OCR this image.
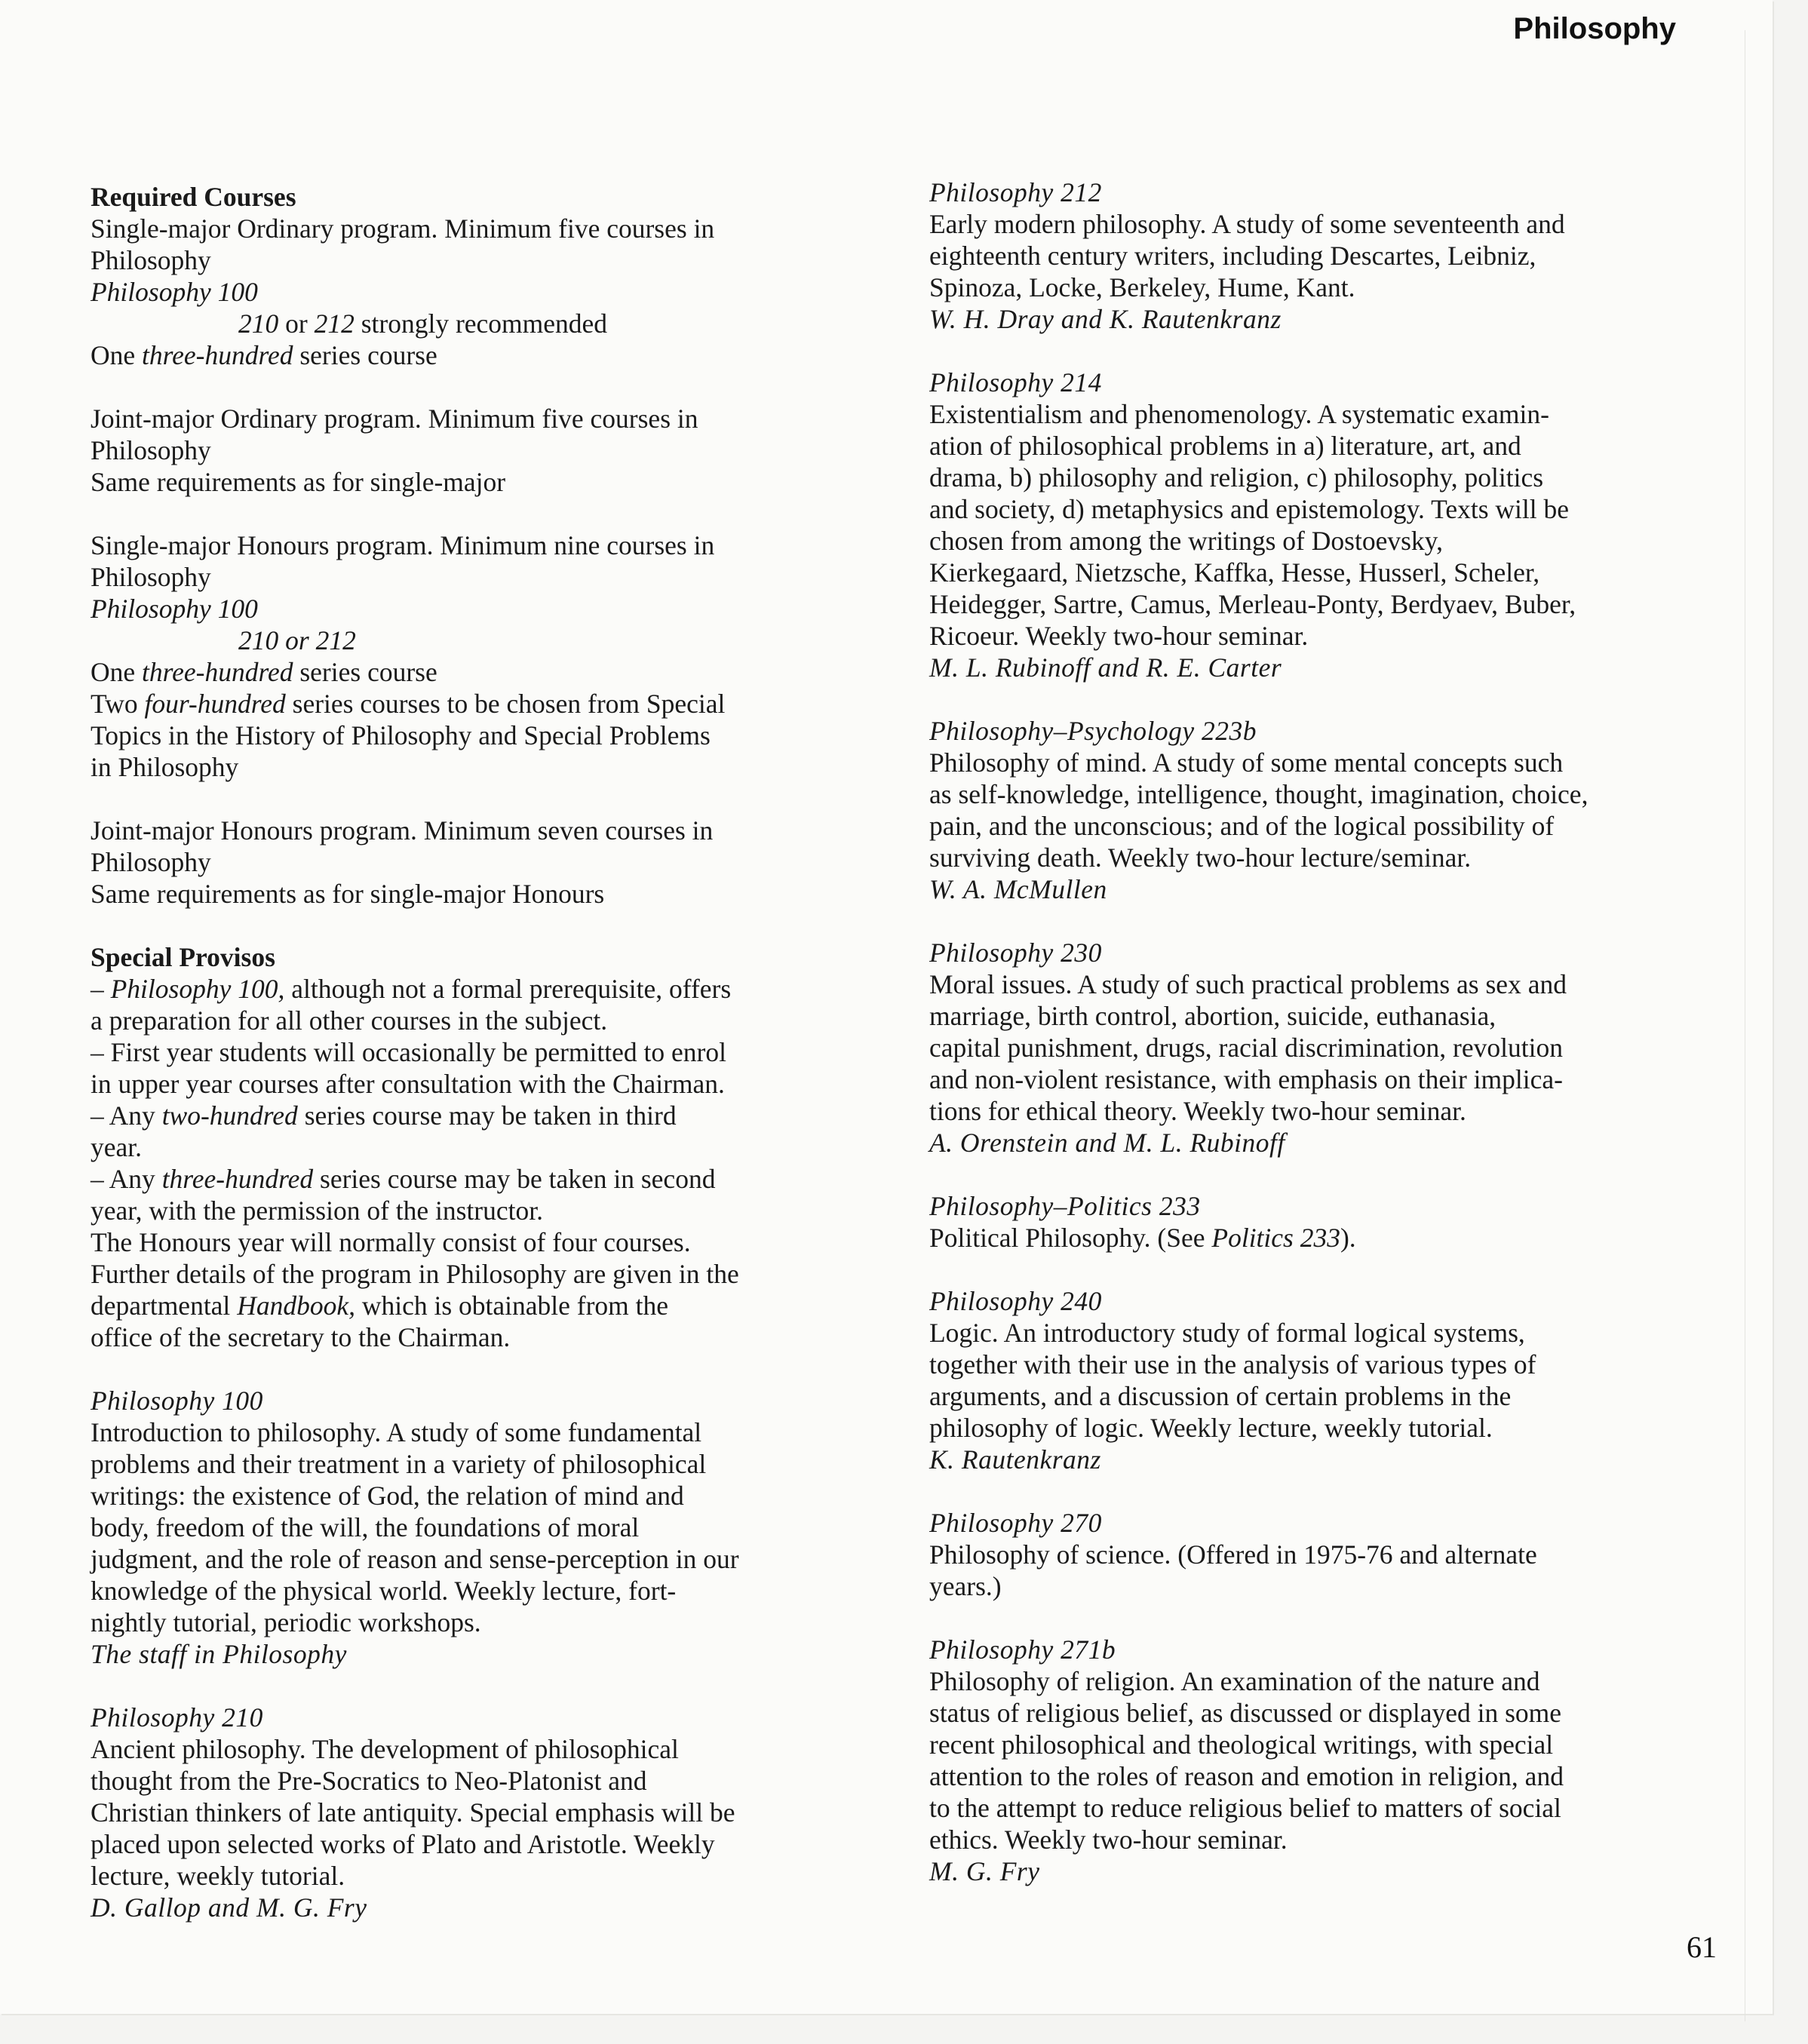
Philosophy
Required Courses
Single-major Ordinary program. Minimum five courses in
Philosophy
Philosophy 100
210 or 212 strongly recommended
One three-hundred series course
Joint-major Ordinary program. Minimum five courses in
Philosophy
Same requirements as for single-major
Single-major Honours program. Minimum nine courses in
Philosophy
Philosophy 100
210 or 212
One three-hundred series course
Two four-hundred series courses to be chosen from Special
Topics in the History of Philosophy and Special Problems
in Philosophy
Joint-major Honours program. Minimum seven courses in
Philosophy
Same requirements as for single-major Honours
Special Provisos
– Philosophy 100, although not a formal prerequisite, offers
a preparation for all other courses in the subject.
– First year students will occasionally be permitted to enrol
in upper year courses after consultation with the Chairman.
– Any two-hundred series course may be taken in third
year.
– Any three-hundred series course may be taken in second
year, with the permission of the instructor.
The Honours year will normally consist of four courses.
Further details of the program in Philosophy are given in the
departmental Handbook, which is obtainable from the
office of the secretary to the Chairman.
Philosophy 100
Introduction to philosophy. A study of some fundamental
problems and their treatment in a variety of philosophical
writings: the existence of God, the relation of mind and
body, freedom of the will, the foundations of moral
judgment, and the role of reason and sense-perception in our
knowledge of the physical world. Weekly lecture, fort-
nightly tutorial, periodic workshops.
The staff in Philosophy
Philosophy 210
Ancient philosophy. The development of philosophical
thought from the Pre-Socratics to Neo-Platonist and
Christian thinkers of late antiquity. Special emphasis will be
placed upon selected works of Plato and Aristotle. Weekly
lecture, weekly tutorial.
D. Gallop and M. G. Fry
Philosophy 212
Early modern philosophy. A study of some seventeenth and
eighteenth century writers, including Descartes, Leibniz,
Spinoza, Locke, Berkeley, Hume, Kant.
W. H. Dray and K. Rautenkranz
Philosophy 214
Existentialism and phenomenology. A systematic examin-
ation of philosophical problems in a) literature, art, and
drama, b) philosophy and religion, c) philosophy, politics
and society, d) metaphysics and epistemology. Texts will be
chosen from among the writings of Dostoevsky,
Kierkegaard, Nietzsche, Kaffka, Hesse, Husserl, Scheler,
Heidegger, Sartre, Camus, Merleau-Ponty, Berdyaev, Buber,
Ricoeur. Weekly two-hour seminar.
M. L. Rubinoff and R. E. Carter
Philosophy–Psychology 223b
Philosophy of mind. A study of some mental concepts such
as self-knowledge, intelligence, thought, imagination, choice,
pain, and the unconscious; and of the logical possibility of
surviving death. Weekly two-hour lecture/seminar.
W. A. McMullen
Philosophy 230
Moral issues. A study of such practical problems as sex and
marriage, birth control, abortion, suicide, euthanasia,
capital punishment, drugs, racial discrimination, revolution
and non-violent resistance, with emphasis on their implica-
tions for ethical theory. Weekly two-hour seminar.
A. Orenstein and M. L. Rubinoff
Philosophy–Politics 233
Political Philosophy. (See Politics 233).
Philosophy 240
Logic. An introductory study of formal logical systems,
together with their use in the analysis of various types of
arguments, and a discussion of certain problems in the
philosophy of logic. Weekly lecture, weekly tutorial.
K. Rautenkranz
Philosophy 270
Philosophy of science. (Offered in 1975-76 and alternate
years.)
Philosophy 271b
Philosophy of religion. An examination of the nature and
status of religious belief, as discussed or displayed in some
recent philosophical and theological writings, with special
attention to the roles of reason and emotion in religion, and
to the attempt to reduce religious belief to matters of social
ethics. Weekly two-hour seminar.
M. G. Fry
61
